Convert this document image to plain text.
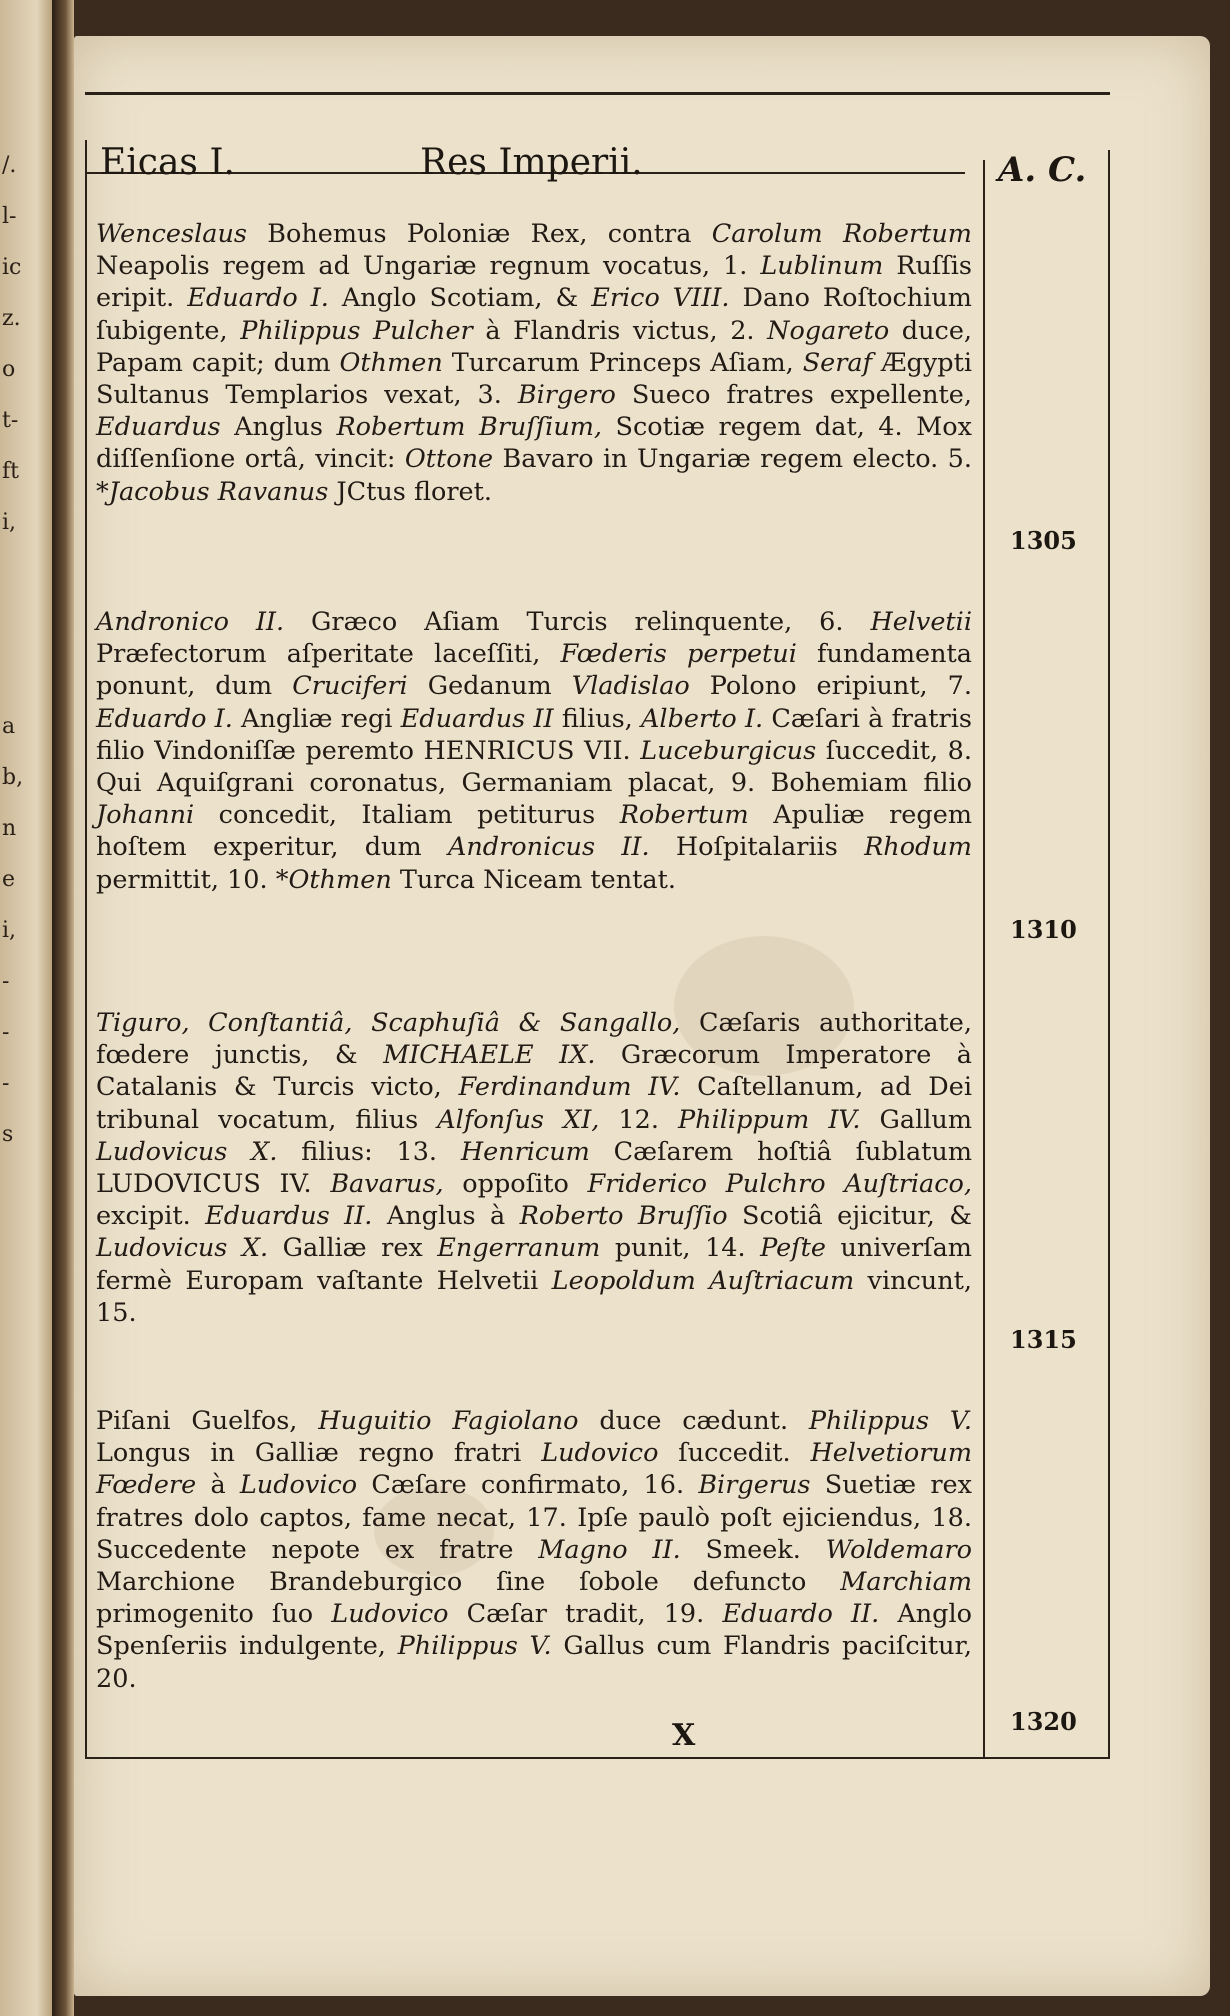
/.
l-
ic
z.
o
t-
ft
i,
a
b,
n
e
i,
-
-
-
s
Eicas I.	Res Imperii.	A. C.
Wenceslaus Bohemus Poloniæ Rex, contra Carolum Robertum Neapolis regem ad Ungariæ regnum vocatus, 1. Lublinum Ruſſis eripit. Eduardo I. Anglo Scotiam, & Erico VIII. Dano Roſtochium ſubigente, Philippus Pulcher à Flandris victus, 2. Nogareto duce, Papam capit; dum Othmen Turcarum Princeps Aſiam, Seraf Ægypti Sultanus Templarios vexat, 3. Birgero Sueco fratres expellente, Eduardus Anglus Robertum Bruſſium, Scotiæ regem dat, 4. Mox diſſenſione ortâ, vincit: Ottone Bavaro in Ungariæ regem electo. 5. *Jacobus Ravanus JCtus floret.
Andronico II. Græco Aſiam Turcis relinquente, 6. Helvetii Præfectorum aſperitate laceſſiti, Fœderis perpetui fundamenta ponunt, dum Cruciferi Gedanum Vladislao Polono eripiunt, 7. Eduardo I. Angliæ regi Eduardus II filius, Alberto I. Cæſari à fratris filio Vindoniſſæ peremto HENRICUS VII. Luceburgicus ſuccedit, 8. Qui Aquiſgrani coronatus, Germaniam placat, 9. Bohemiam filio Johanni concedit, Italiam petiturus Robertum Apuliæ regem hoſtem experitur, dum Andronicus II. Hoſpitalariis Rhodum permittit, 10. *Othmen Turca Niceam tentat.
Tiguro, Conſtantiâ, Scaphuſiâ & Sangallo, Cæſaris authoritate, fœdere junctis, & MICHAELE IX. Græcorum Imperatore à Catalanis & Turcis victo, Ferdinandum IV. Caſtellanum, ad Dei tribunal vocatum, filius Alfonſus XI, 12. Philippum IV. Gallum Ludovicus X. filius: 13. Henricum Cæſarem hoſtiâ ſublatum LUDOVICUS IV. Bavarus, oppoſito Friderico Pulchro Auſtriaco, excipit. Eduardus II. Anglus à Roberto Bruſſio Scotiâ ejicitur, & Ludovicus X. Galliæ rex Engerranum punit, 14. Peſte univerſam fermè Europam vaſtante Helvetii Leopoldum Auſtriacum vincunt, 15.
Piſani Guelfos, Huguitio Fagiolano duce cædunt. Philippus V. Longus in Galliæ regno fratri Ludovico ſuccedit. Helvetiorum Fœdere à Ludovico Cæſare confirmato, 16. Birgerus Suetiæ rex fratres dolo captos, fame necat, 17. Ipſe paulò poſt ejiciendus, 18. Succedente nepote ex fratre Magno II. Smeek. Woldemaro Marchione Brandeburgico ſine ſobole defuncto Marchiam primogenito ſuo Ludovico Cæſar tradit, 19. Eduardo II. Anglo Spenſeriis indulgente, Philippus V. Gallus cum Flandris paciſcitur, 20.
1305
1310
1315
1320
X
